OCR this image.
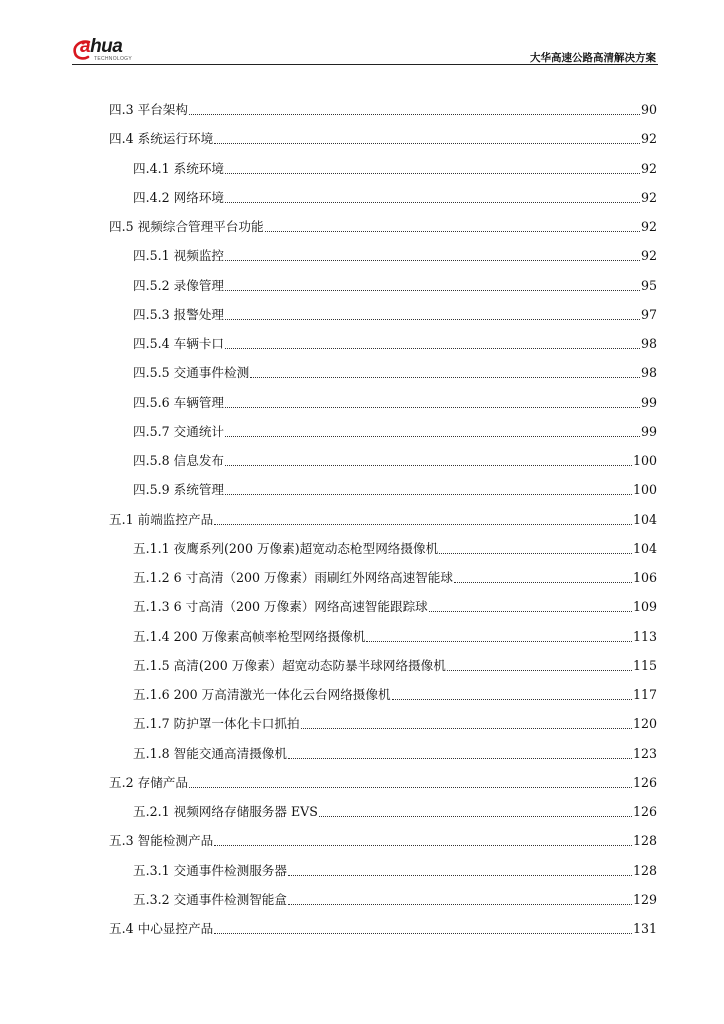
ahua
TECHNOLOGY	大华高速公路高清解决方案
四.3 平台架构	90
四.4 系统运行环境	92
四.4.1 系统环境	92
四.4.2 网络环境	92
四.5 视频综合管理平台功能	92
四.5.1 视频监控	92
四.5.2 录像管理	95
四.5.3 报警处理	97
四.5.4 车辆卡口	98
四.5.5 交通事件检测	98
四.5.6 车辆管理	99
四.5.7 交通统计	99
四.5.8 信息发布	100
四.5.9 系统管理	100
五.1 前端监控产品	104
五.1.1 夜鹰系列(200 万像素)超宽动态枪型网络摄像机	104
五.1.2 6 寸高清（200 万像素）雨刷红外网络高速智能球	106
五.1.3 6 寸高清（200 万像素）网络高速智能跟踪球	109
五.1.4 200 万像素高帧率枪型网络摄像机	113
五.1.5 高清(200 万像素）超宽动态防暴半球网络摄像机	115
五.1.6 200 万高清激光一体化云台网络摄像机	117
五.1.7 防护罩一体化卡口抓拍	120
五.1.8 智能交通高清摄像机	123
五.2 存储产品	126
五.2.1 视频网络存储服务器 EVS	126
五.3 智能检测产品	128
五.3.1 交通事件检测服务器	128
五.3.2 交通事件检测智能盒	129
五.4 中心显控产品	131
